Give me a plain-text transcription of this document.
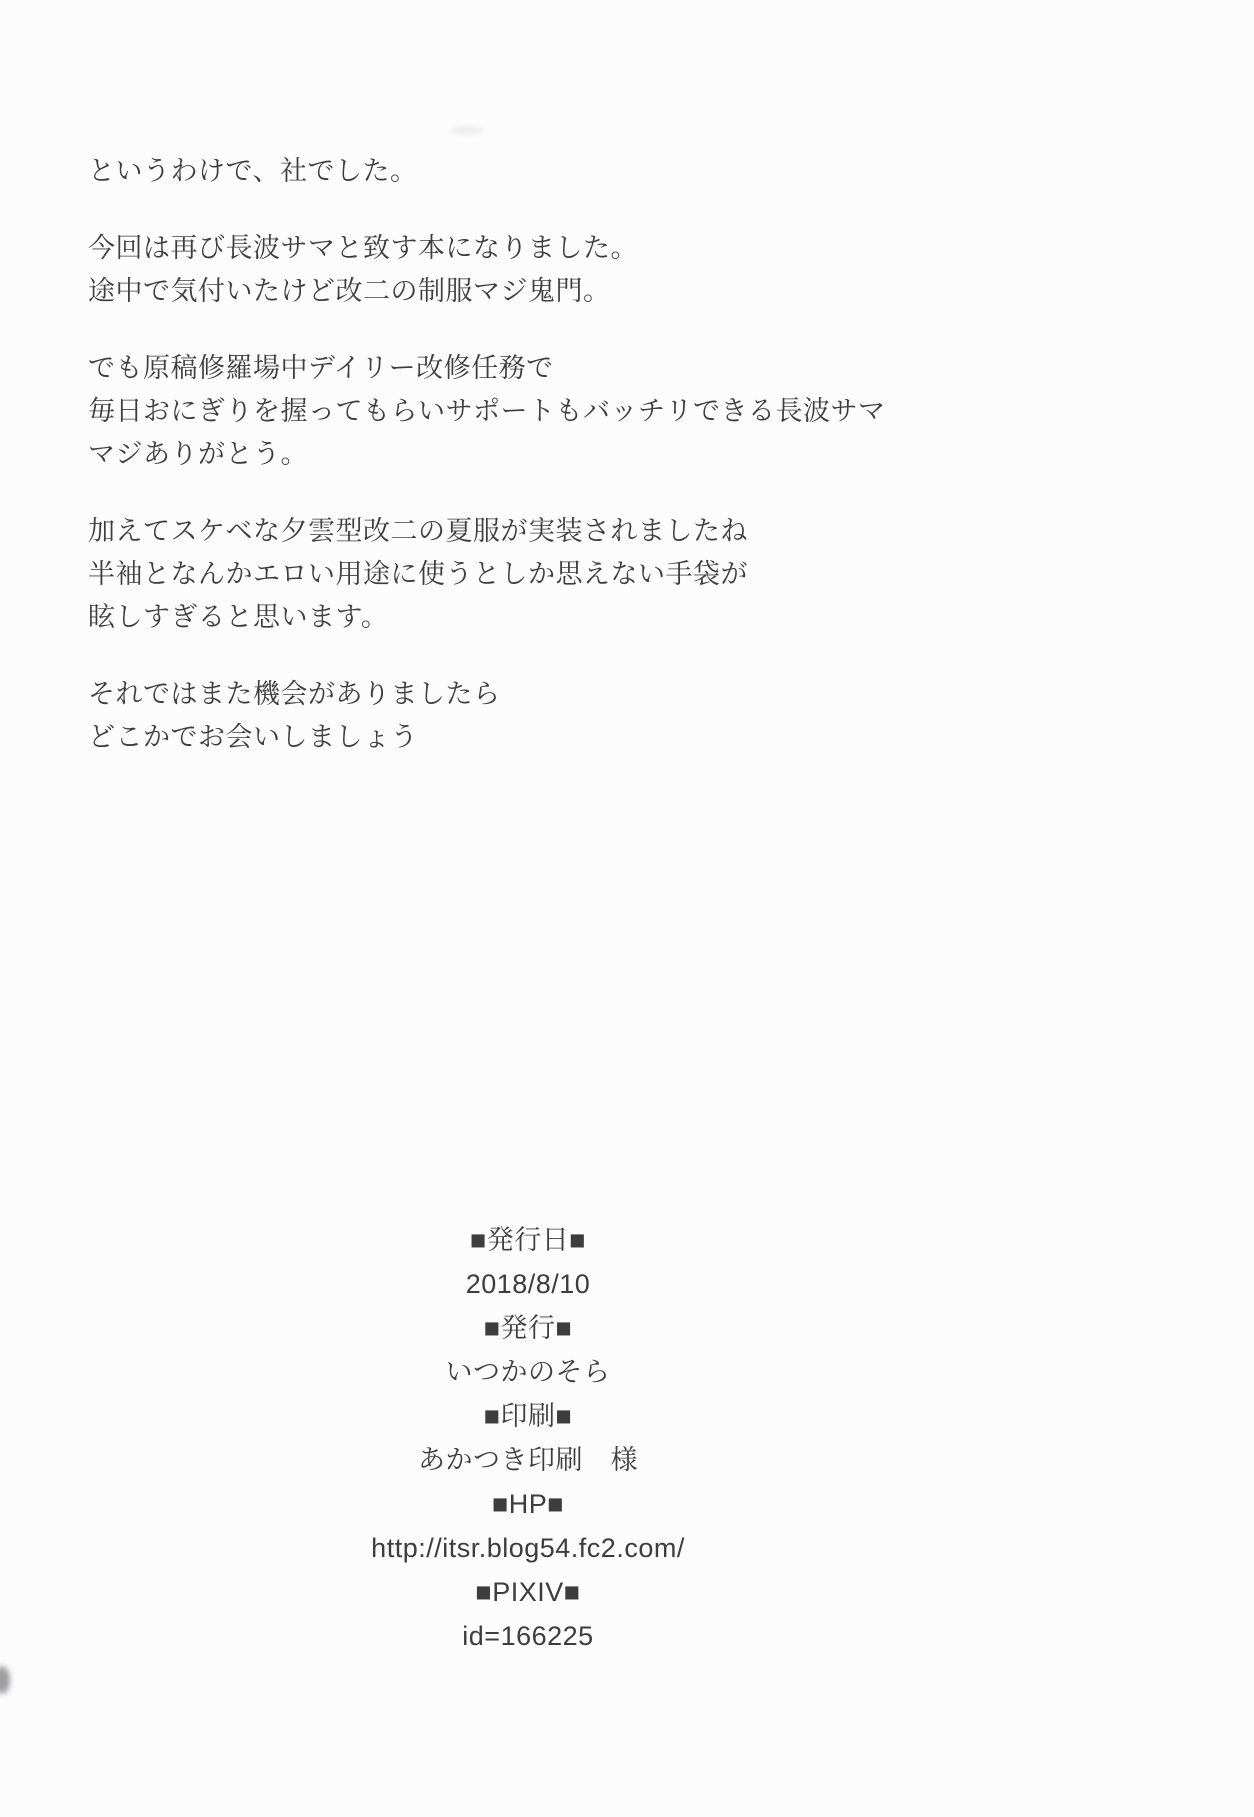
というわけで、社でした。

今回は再び長波サマと致す本になりました。
途中で気付いたけど改二の制服マジ鬼門。

でも原稿修羅場中デイリー改修任務で
毎日おにぎりを握ってもらいサポートもバッチリできる長波サマ
マジありがとう。

加えてスケベな夕雲型改二の夏服が実装されましたね
半袖となんかエロい用途に使うとしか思えない手袋が
眩しすぎると思います。

それではまた機会がありましたら
どこかでお会いしましょう

■発行日■
2018/8/10
■発行■
いつかのそら
■印刷■
あかつき印刷　様
■HP■
http://itsr.blog54.fc2.com/
■PIXIV■
id=166225
